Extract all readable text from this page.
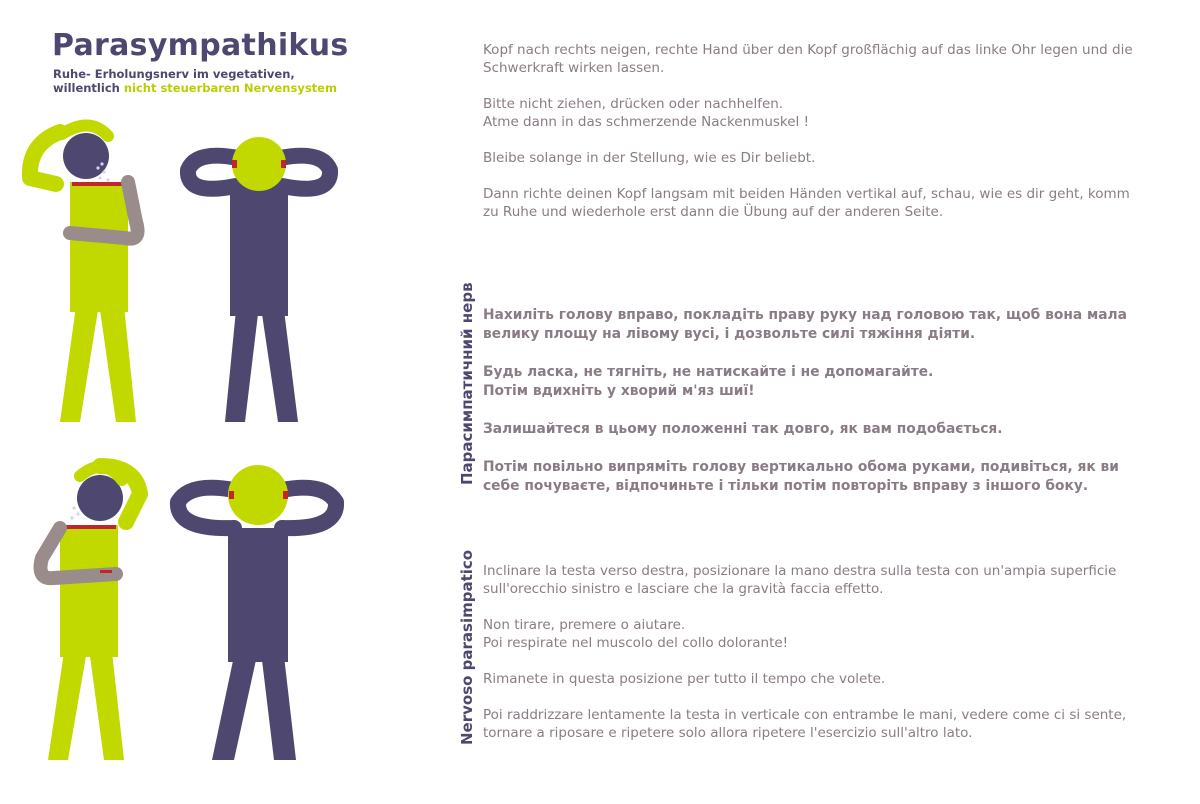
Parasympathikus
Ruhe- Erholungsnerv im vegetativen,
willentlich nicht steuerbaren Nervensystem

Kopf nach rechts neigen, rechte Hand über den Kopf großflächig auf das linke Ohr legen und die Schwerkraft wirken lassen.

Bitte nicht ziehen, drücken oder nachhelfen.
Atme dann in das schmerzende Nackenmuskel !

Bleibe solange in der Stellung, wie es Dir beliebt.

Dann richte deinen Kopf langsam mit beiden Händen vertikal auf, schau, wie es dir geht, komm zu Ruhe und wiederhole erst dann die Übung auf der anderen Seite.

Парасимпатичний нерв Нахиліть голову вправо, покладіть праву руку над головою так, щоб вона мала велику площу на лівому вусі, і дозвольте силі тяжіння діяти.

Будь ласка, не тягніть, не натискайте і не допомагайте.
Потім вдихніть у хворий м'яз шиї!

Залишайтеся в цьому положенні так довго, як вам подобається.

Потім повільно випряміть голову вертикально обома руками, подивіться, як ви себе почуваєте, відпочиньте і тільки потім повторіть вправу з іншого боку.

Nervoso parasimpatico Inclinare la testa verso destra, posizionare la mano destra sulla testa con un'ampia superficie sull'orecchio sinistro e lasciare che la gravità faccia effetto.

Non tirare, premere o aiutare.
Poi respirate nel muscolo del collo dolorante!

Rimanete in questa posizione per tutto il tempo che volete.

Poi raddrizzare lentamente la testa in verticale con entrambe le mani, vedere come ci si sente, tornare a riposare e ripetere solo allora ripetere l'esercizio sull'altro lato.
